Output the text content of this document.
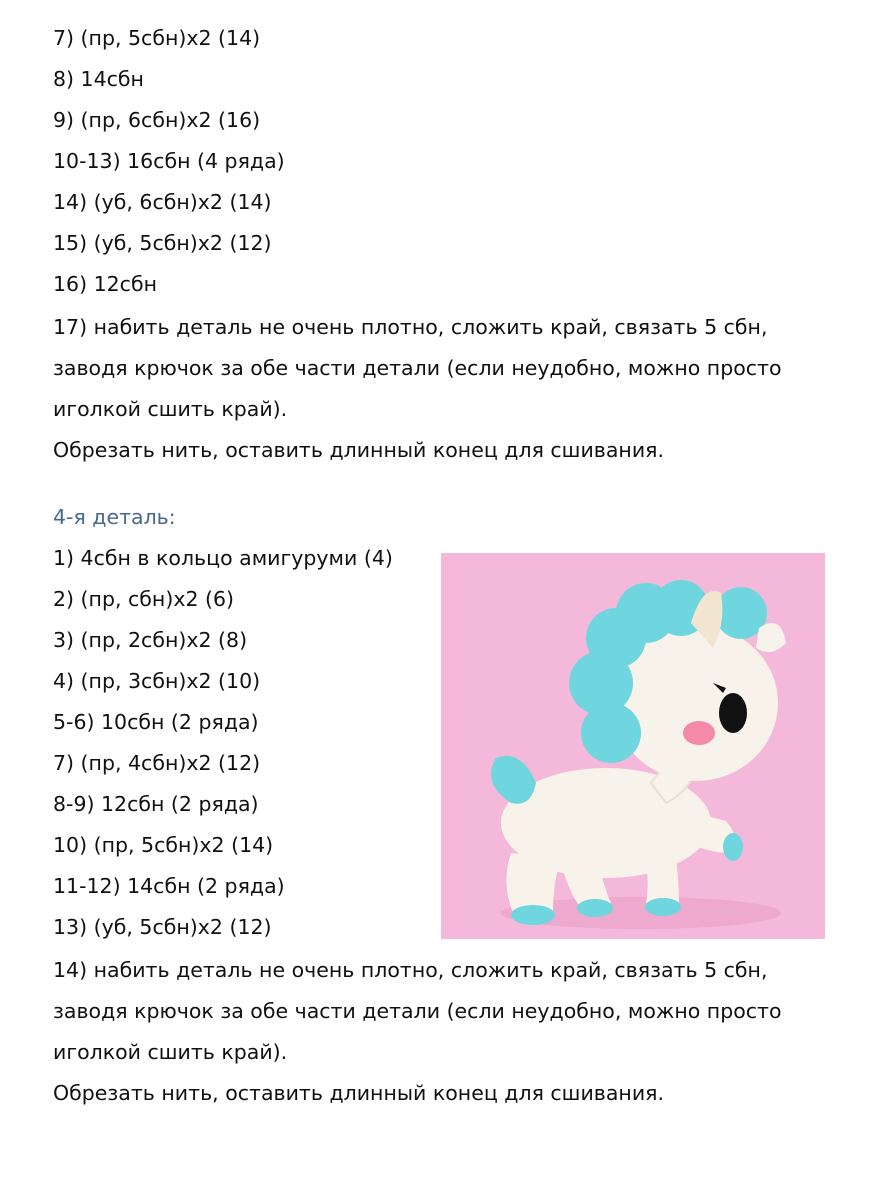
7) (пр, 5сбн)х2 (14)
8) 14сбн
9) (пр, 6сбн)х2 (16)
10-13) 16сбн (4 ряда)
14) (уб, 6сбн)х2 (14)
15) (уб, 5сбн)х2 (12)
16) 12сбн
17) набить деталь не очень плотно, сложить край, связать 5 сбн,
заводя крючок за обе части детали (если неудобно, можно просто
иголкой сшить край).
Обрезать нить, оставить длинный конец для сшивания.
4-я деталь:
1) 4сбн в кольцо амигуруми (4)
2) (пр, сбн)х2 (6)
3) (пр, 2сбн)х2 (8)
4) (пр, 3сбн)х2 (10)
5-6) 10сбн (2 ряда)
7) (пр, 4сбн)х2 (12)
8-9) 12сбн (2 ряда)
10) (пр, 5сбн)х2 (14)
11-12) 14сбн (2 ряда)
13) (уб, 5сбн)х2 (12)
14) набить деталь не очень плотно, сложить край, связать 5 сбн,
заводя крючок за обе части детали (если неудобно, можно просто
иголкой сшить край).
Обрезать нить, оставить длинный конец для сшивания.
